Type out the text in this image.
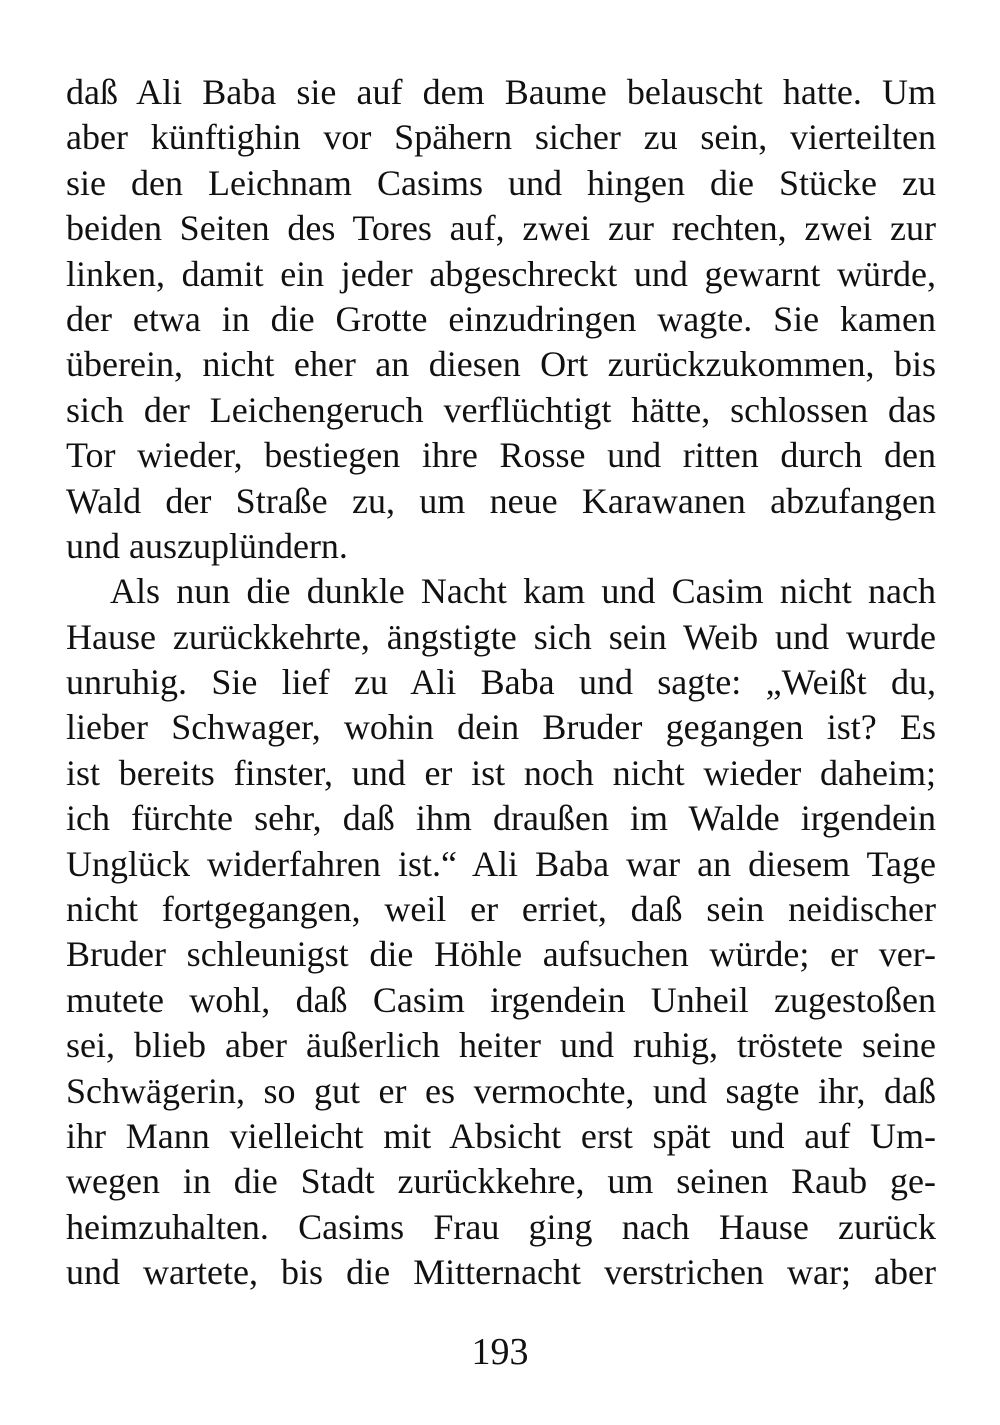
daß Ali Baba sie auf dem Baume belauscht hatte. Um
aber künftighin vor Spähern sicher zu sein, vierteilten
sie den Leichnam Casims und hingen die Stücke zu
beiden Seiten des Tores auf, zwei zur rechten, zwei zur
linken, damit ein jeder abgeschreckt und gewarnt würde,
der etwa in die Grotte einzudringen wagte. Sie kamen
überein, nicht eher an diesen Ort zurückzukommen, bis
sich der Leichengeruch verflüchtigt hätte, schlossen das
Tor wieder, bestiegen ihre Rosse und ritten durch den
Wald der Straße zu, um neue Karawanen abzufangen
und auszuplündern.
Als nun die dunkle Nacht kam und Casim nicht nach
Hause zurückkehrte, ängstigte sich sein Weib und wurde
unruhig. Sie lief zu Ali Baba und sagte: „Weißt du,
lieber Schwager, wohin dein Bruder gegangen ist? Es
ist bereits finster, und er ist noch nicht wieder daheim;
ich fürchte sehr, daß ihm draußen im Walde irgendein
Unglück widerfahren ist.“ Ali Baba war an diesem Tage
nicht fortgegangen, weil er erriet, daß sein neidischer
Bruder schleunigst die Höhle aufsuchen würde; er ver-
mutete wohl, daß Casim irgendein Unheil zugestoßen
sei, blieb aber äußerlich heiter und ruhig, tröstete seine
Schwägerin, so gut er es vermochte, und sagte ihr, daß
ihr Mann vielleicht mit Absicht erst spät und auf Um-
wegen in die Stadt zurückkehre, um seinen Raub ge-
heimzuhalten. Casims Frau ging nach Hause zurück
und wartete, bis die Mitternacht verstrichen war; aber
193
